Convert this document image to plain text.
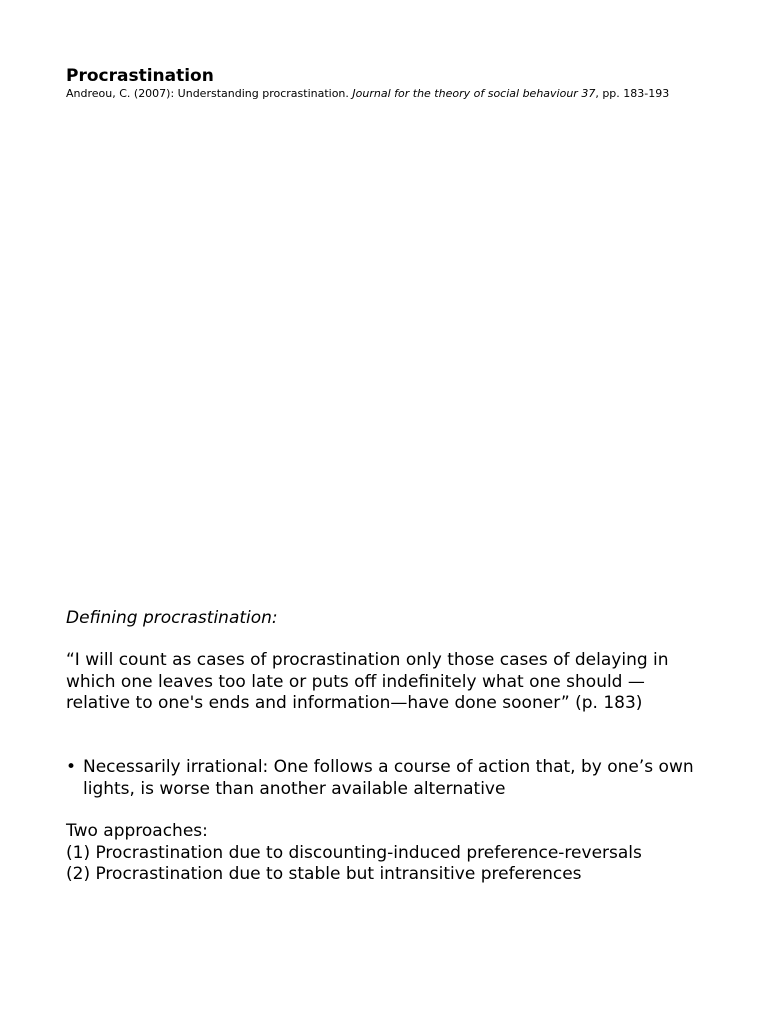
Procrastination

Andreou, C. (2007): Understanding procrastination. Journal for the theory of social behaviour 37, pp. 183-193

Defining procrastination:

“I will count as cases of procrastination only those cases of delaying in which one leaves too late or puts off indefinitely what one should —relative to one's ends and information—have done sooner” (p. 183)

• Necessarily irrational: One follows a course of action that, by one’s own lights, is worse than another available alternative
Two approaches:
(1) Procrastination due to discounting-induced preference-reversals
(2) Procrastination due to stable but intransitive preferences
